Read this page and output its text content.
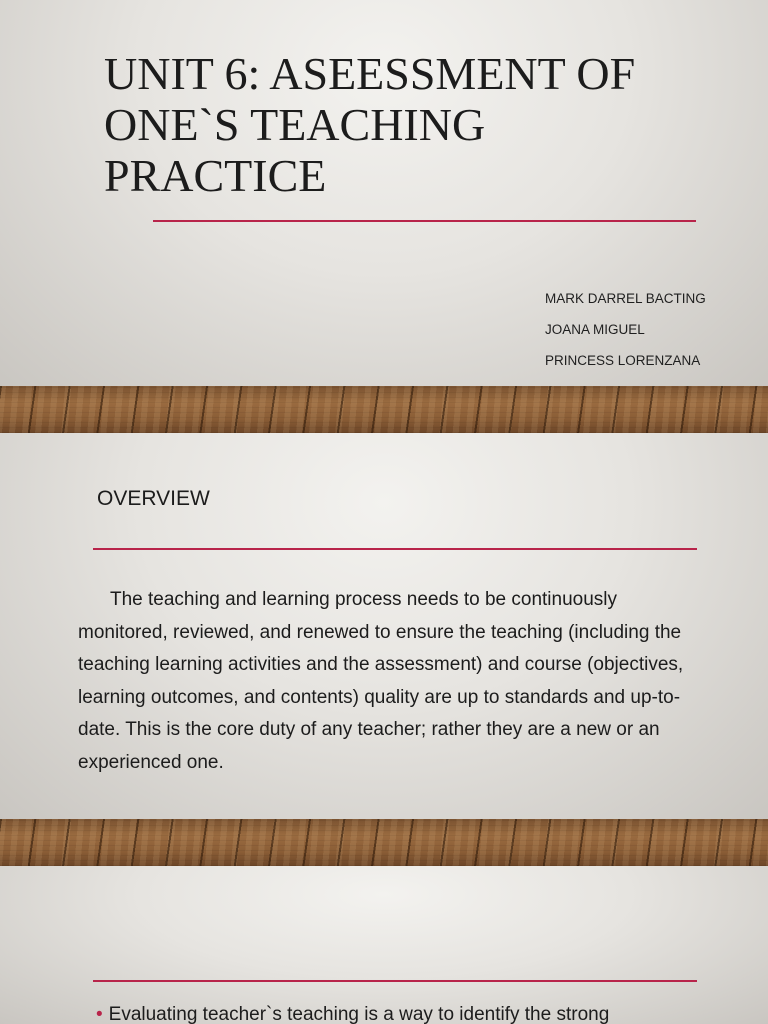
UNIT 6: ASEESSMENT OF
ONE`S TEACHING
PRACTICE
MARK DARREL BACTING
JOANA MIGUEL
PRINCESS LORENZANA
OVERVIEW

The teaching and learning process needs to be continuously monitored, reviewed, and renewed to ensure the teaching (including the teaching learning activities and the assessment) and course (objectives, learning outcomes, and contents) quality are up to standards and up-to-date. This is the core duty of any teacher; rather they are a new or an experienced one.

• Evaluating teacher`s teaching is a way to identify the strong
